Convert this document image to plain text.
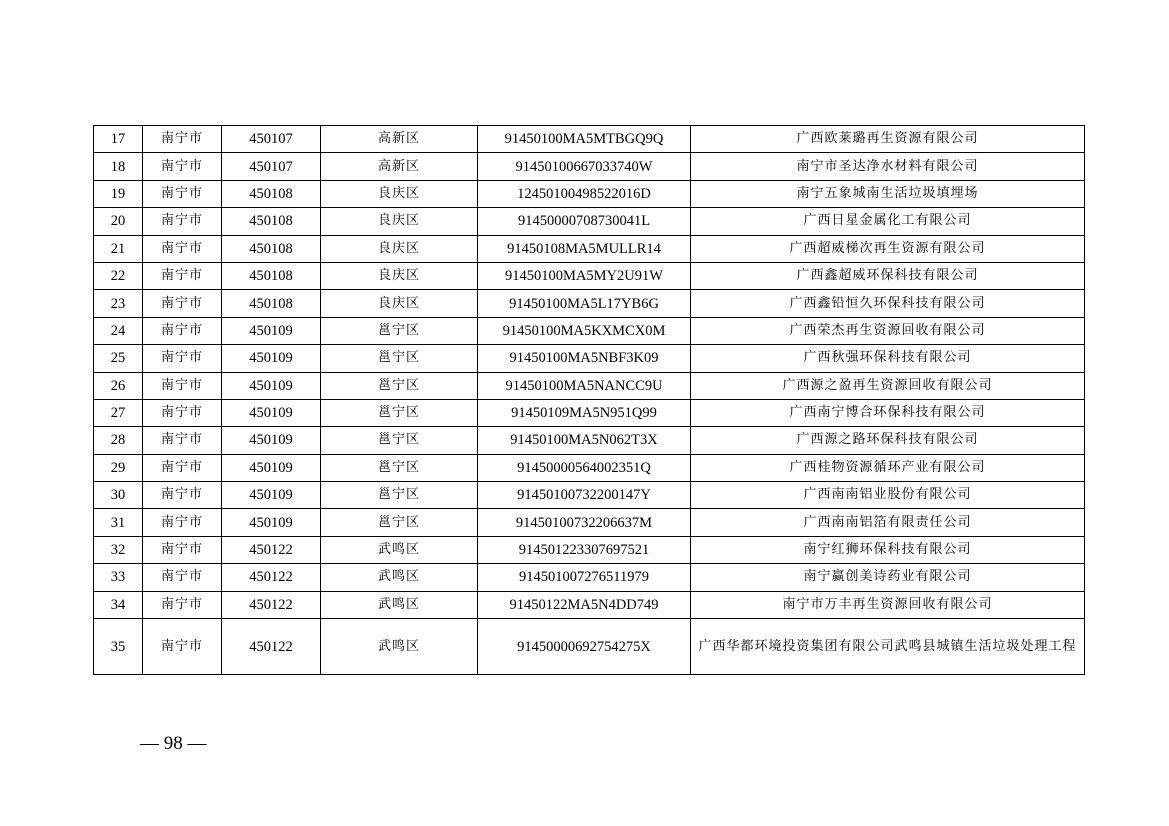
17	南宁市	450107	高新区	91450100MA5MTBGQ9Q	广西欧莱璐再生资源有限公司
18	南宁市	450107	高新区	91450100667033740W	南宁市圣达净水材料有限公司
19	南宁市	450108	良庆区	12450100498522016D	南宁五象城南生活垃圾填埋场
20	南宁市	450108	良庆区	91450000708730041L	广西日星金属化工有限公司
21	南宁市	450108	良庆区	91450108MA5MULLR14	广西超威梯次再生资源有限公司
22	南宁市	450108	良庆区	91450100MA5MY2U91W	广西鑫超威环保科技有限公司
23	南宁市	450108	良庆区	91450100MA5L17YB6G	广西鑫铅恒久环保科技有限公司
24	南宁市	450109	邕宁区	91450100MA5KXMCX0M	广西荣杰再生资源回收有限公司
25	南宁市	450109	邕宁区	91450100MA5NBF3K09	广西秋强环保科技有限公司
26	南宁市	450109	邕宁区	91450100MA5NANCC9U	广西源之盈再生资源回收有限公司
27	南宁市	450109	邕宁区	91450109MA5N951Q99	广西南宁博合环保科技有限公司
28	南宁市	450109	邕宁区	91450100MA5N062T3X	广西源之路环保科技有限公司
29	南宁市	450109	邕宁区	91450000564002351Q	广西桂物资源循环产业有限公司
30	南宁市	450109	邕宁区	91450100732200147Y	广西南南铝业股份有限公司
31	南宁市	450109	邕宁区	91450100732206637M	广西南南铝箔有限责任公司
32	南宁市	450122	武鸣区	914501223307697521	南宁红狮环保科技有限公司
33	南宁市	450122	武鸣区	914501007276511979	南宁赢创美诗药业有限公司
34	南宁市	450122	武鸣区	91450122MA5N4DD749	南宁市万丰再生资源回收有限公司
35	南宁市	450122	武鸣区	91450000692754275X	广西华都环境投资集团有限公司武鸣县城镇生活垃圾处理工程
— 98 —
